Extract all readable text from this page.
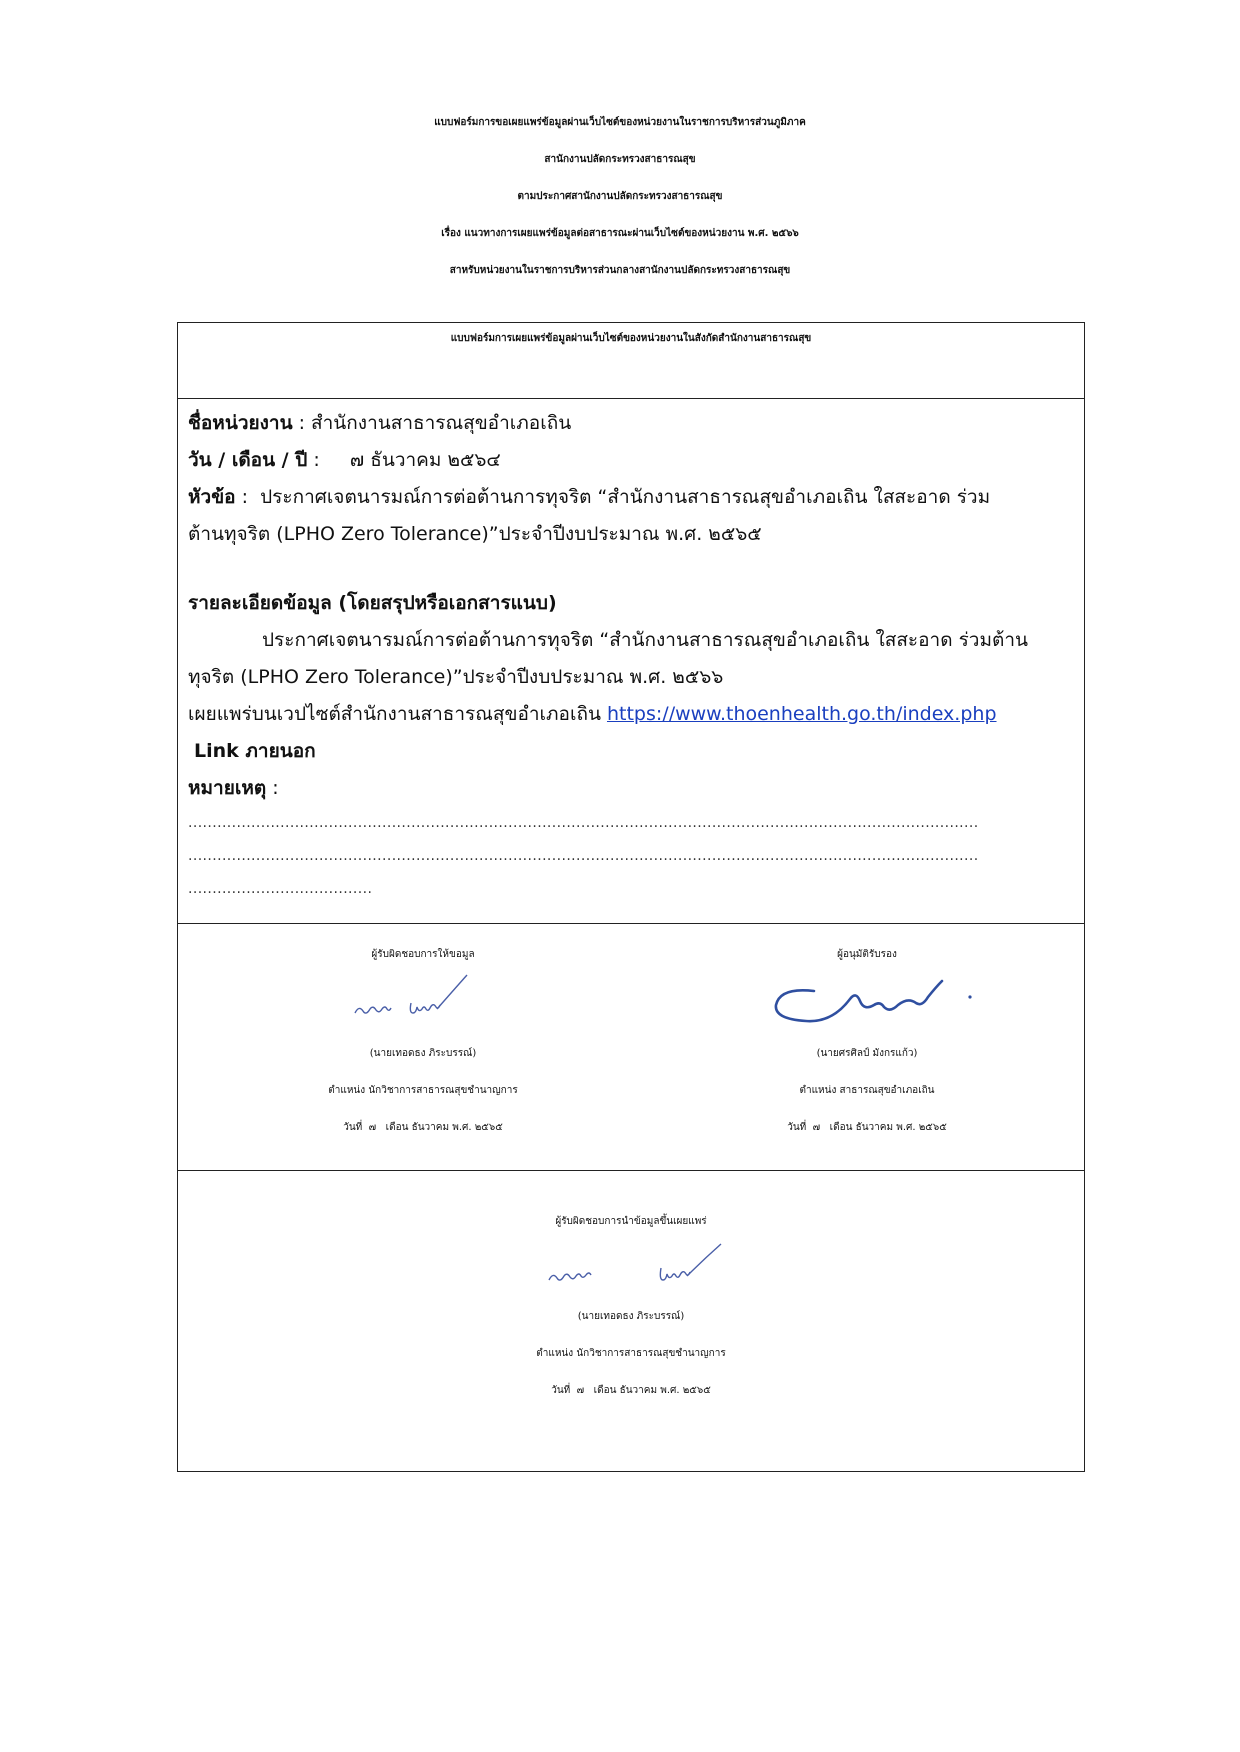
แบบฟอร์มการขอเผยแพร่ข้อมูลผ่านเว็บไซต์ของหน่วยงานในราชการบริหารส่วนภูมิภาค
สานักงานปลัดกระทรวงสาธารณสุข
ตามประกาศสานักงานปลัดกระทรวงสาธารณสุข
เรื่อง แนวทางการเผยแพร่ข้อมูลต่อสาธารณะผ่านเว็บไซต์ของหน่วยงาน พ.ศ. ๒๕๖๖
สาหรับหน่วยงานในราชการบริหารส่วนกลางสานักงานปลัดกระทรวงสาธารณสุข
แบบฟอร์มการเผยแพร่ข้อมูลผ่านเว็บไซต์ของหน่วยงานในสังกัดสำนักงานสาธารณสุข
ชื่อหน่วยงาน : สำนักงานสาธารณสุขอำเภอเถิน
วัน / เดือน / ปี :     ๗ ธันวาคม ๒๕๖๔
หัวข้อ :  ประกาศเจตนารมณ์การต่อต้านการทุจริต “สำนักงานสาธารณสุขอำเภอเถิน ใสสะอาด ร่วม
ต้านทุจริต (LPHO Zero Tolerance)”ประจำปีงบประมาณ พ.ศ. ๒๕๖๕
รายละเอียดข้อมูล (โดยสรุปหรือเอกสารแนบ)
ประกาศเจตนารมณ์การต่อต้านการทุจริต “สำนักงานสาธารณสุขอำเภอเถิน ใสสะอาด ร่วมต้าน
ทุจริต (LPHO Zero Tolerance)”ประจำปีงบประมาณ พ.ศ. ๒๕๖๖
เผยแพร่บนเวปไซต์สำนักงานสาธารณสุขอำเภอเถิน https://www.thoenhealth.go.th/index.php
Link ภายนอก
หมายเหตุ :
...................................................................................................................................................................
...................................................................................................................................................................
......................................
ผู้รับผิดชอบการให้ขอมูล
(นายเทอดธง ภิระบรรณ์)
ตำแหน่ง นักวิชาการสาธารณสุขชำนาญการ
วันที่  ๗   เดือน ธันวาคม พ.ศ. ๒๕๖๕
ผู้อนุมัติรับรอง
(นายศรศิลป์ มังกรแก้ว)
ตำแหน่ง สาธารณสุขอำเภอเถิน
วันที่  ๗   เดือน ธันวาคม พ.ศ. ๒๕๖๕
ผู้รับผิดชอบการนำข้อมูลขึ้นเผยแพร่
(นายเทอดธง ภิระบรรณ์)
ตำแหน่ง นักวิชาการสาธารณสุขชำนาญการ
วันที่  ๗   เดือน ธันวาคม พ.ศ. ๒๕๖๕
